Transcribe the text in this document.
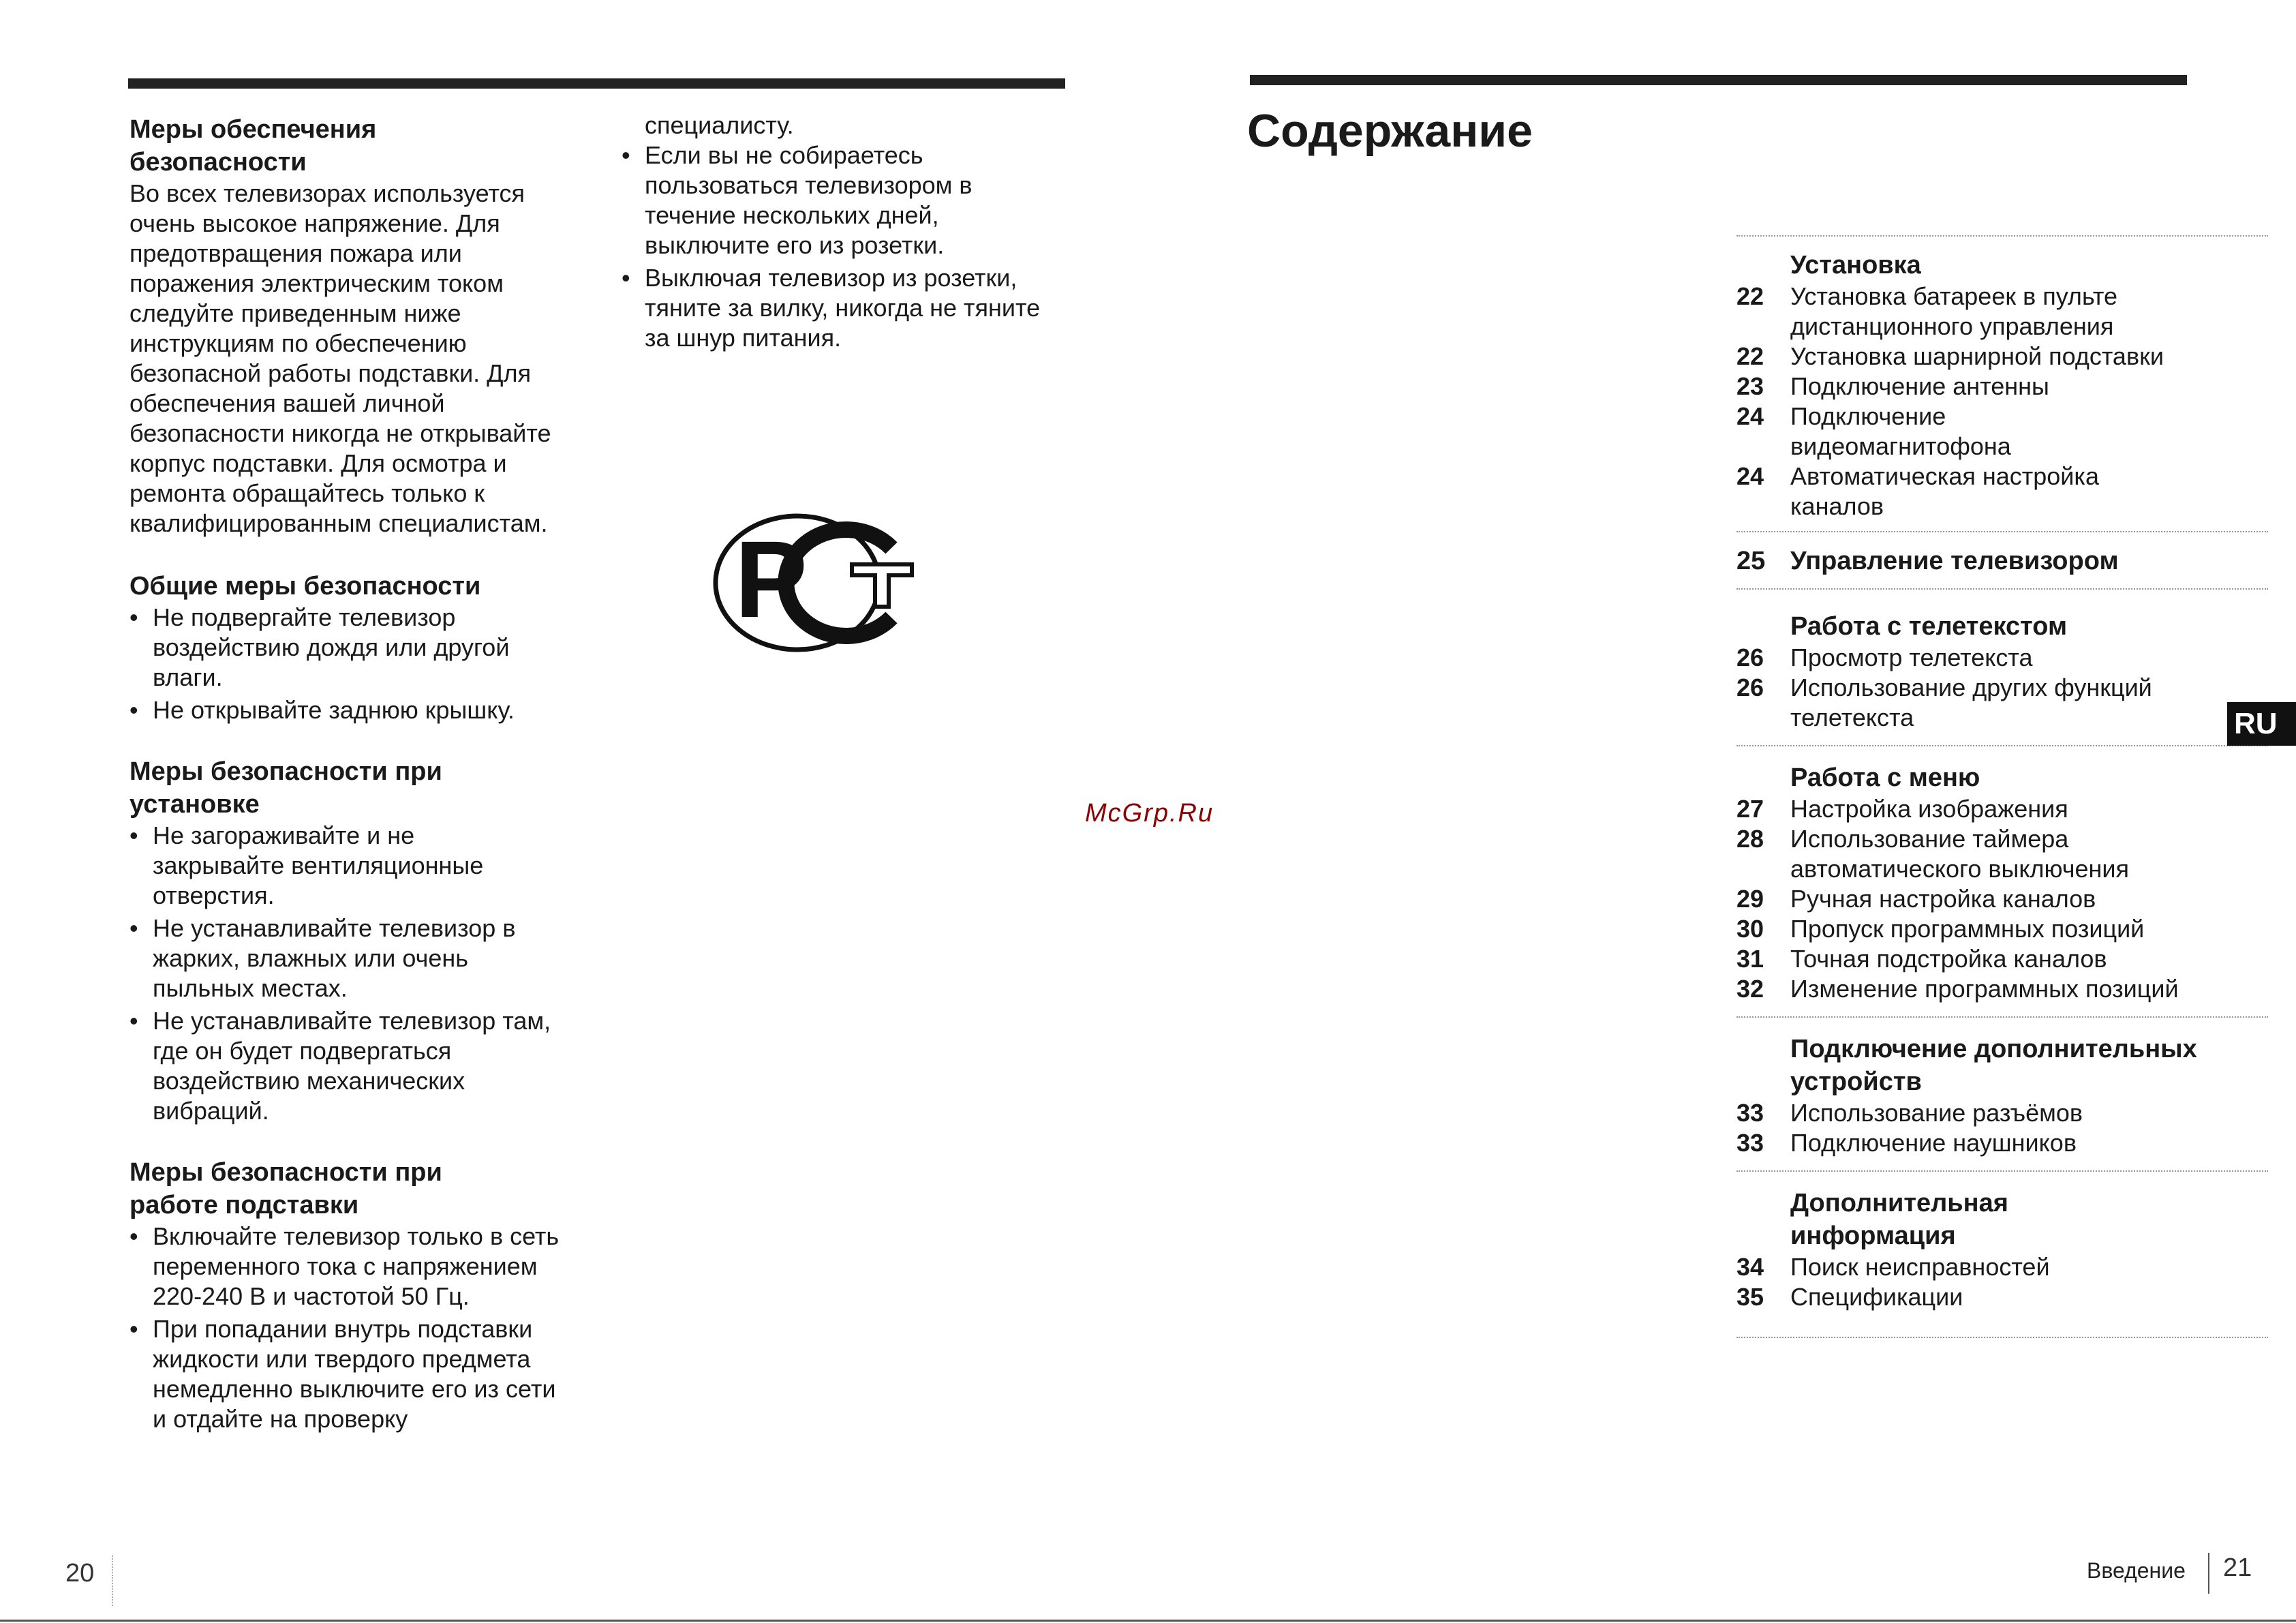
Меры обеспечения безопасности

Во всех телевизорах используется очень высокое напряжение. Для предотвращения пожара или поражения электрическим током следуйте приведенным ниже инструкциям по обеспечению безопасной работы подставки. Для обеспечения вашей личной безопасности никогда не открывайте корпус подставки. Для осмотра и ремонта обращайтесь только к квалифицированным специалистам.

Общие меры безопасности

• Не подвергайте телевизор воздействию дождя или другой влаги.
• Не открывайте заднюю крышку.

Меры безопасности при установке

• Не загораживайте и не закрывайте вентиляционные отверстия.
• Не устанавливайте телевизор в жарких, влажных или очень пыльных местах.
• Не устанавливайте телевизор там, где он будет подвергаться воздействию механических вибраций.

Меры безопасности при работе подставки

• Включайте телевизор только в сеть переменного тока с напряжением 220-240 В и частотой 50 Гц.
• При попадании внутрь подставки жидкости или твердого предмета немедленно выключите его из сети и отдайте на проверку

специалисту.

• Если вы не собираетесь пользоваться телевизором в течение нескольких дней, выключите его из розетки.
• Выключая телевизор из розетки, тяните за вилку, никогда не тяните за шнур питания.
P
McGrp.Ru
Содержание
Установка
22	Установка батареек в пульте дистанционного управления
22	Установка шарнирной подставки
23	Подключение антенны
24	Подключение видеомагнитофона
24	Автоматическая настройка каналов
25 Управление телевизором
Работа с телетекстом
26	Просмотр телетекста
26	Использование других функций телетекста
Работа с меню
27	Настройка изображения
28	Использование таймера автоматического выключения
29	Ручная настройка каналов
30	Пропуск программных позиций
31	Точная подстройка каналов
32	Изменение программных позиций
Подключение дополнительных устройств
33	Использование разъёмов
33	Подключение наушников
Дополнительная информация
34	Поиск неисправностей
35	Спецификации
RU
20	Введение 21
